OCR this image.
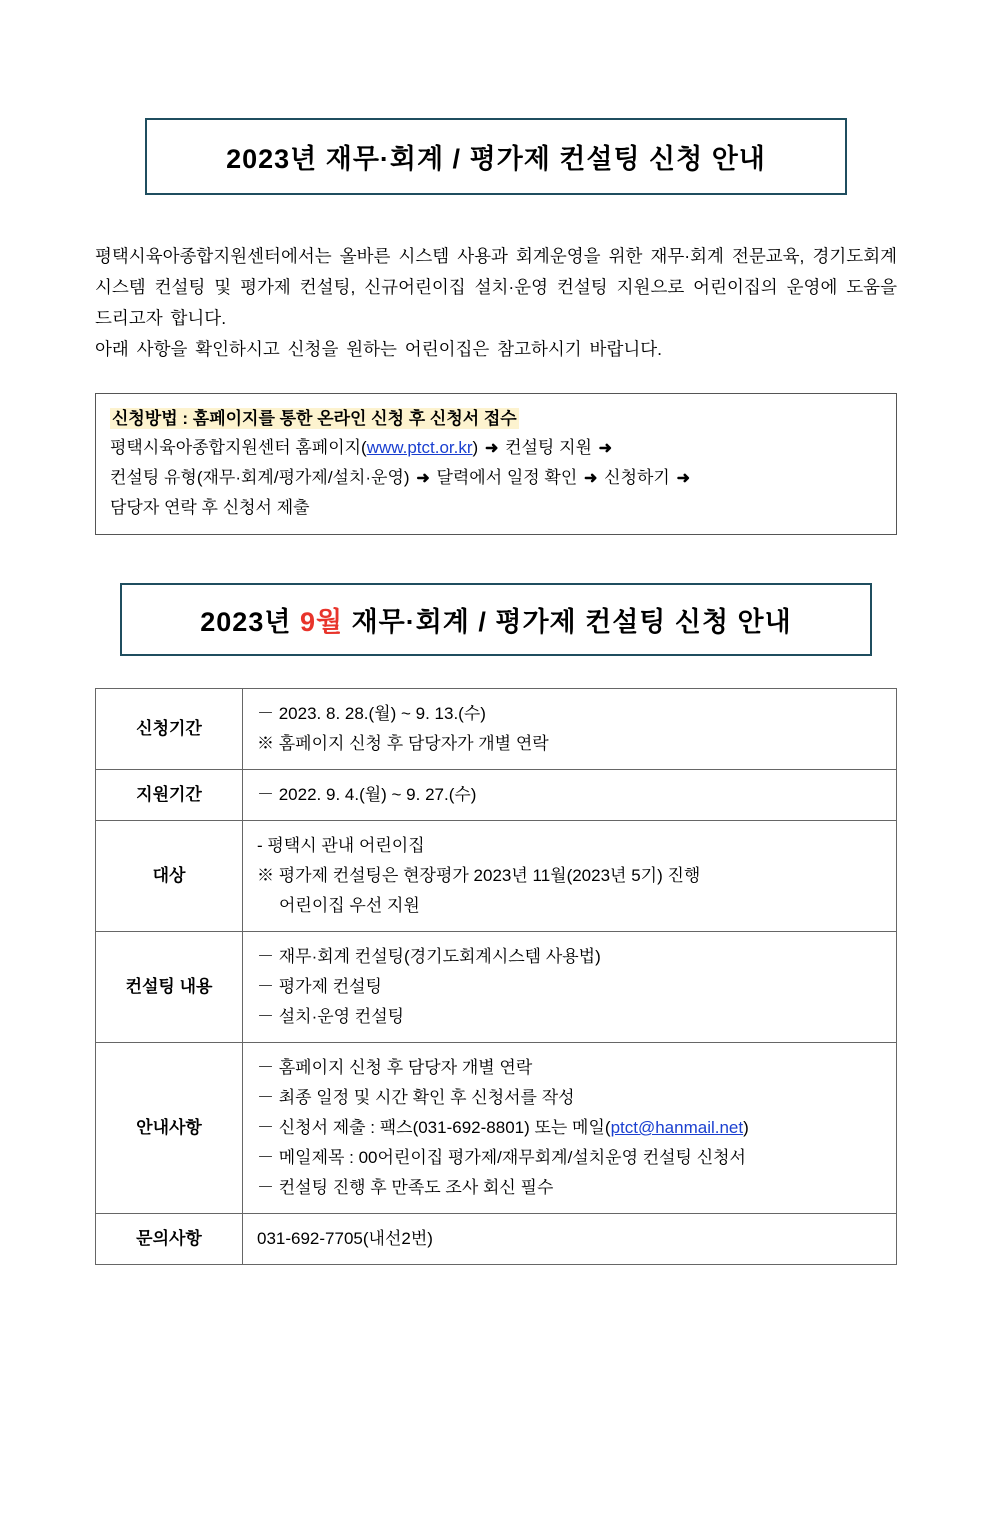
2023년 재무·회계 / 평가제 컨설팅 신청 안내

평택시육아종합지원센터에서는 올바른 시스템 사용과 회계운영을 위한 재무·회계 전문교육, 경기도회계시스템 컨설팅 및 평가제 컨설팅, 신규어린이집 설치·운영 컨설팅 지원으로 어린이집의 운영에 도움을 드리고자 합니다.

아래 사항을 확인하시고 신청을 원하는 어린이집은 참고하시기 바랍니다.

신청방법 : 홈페이지를 통한 온라인 신청 후 신청서 접수
평택시육아종합지원센터 홈페이지(www.ptct.or.kr) ➜ 컨설팅 지원 ➜
컨설팅 유형(재무·회계/평가제/설치·운영) ➜ 달력에서 일정 확인 ➜ 신청하기 ➜
담당자 연락 후 신청서 제출
2023년 9월 재무·회계 / 평가제 컨설팅 신청 안내
신청기간	－ 2023. 8. 28.(월) ~ 9. 13.(수)
※ 홈페이지 신청 후 담당자가 개별 연락

지원기간	－ 2022. 9. 4.(월) ~ 9. 27.(수)

대상	- 평택시 관내 어린이집
※ 평가제 컨설팅은 현장평가 2023년 11월(2023년 5기) 진행
어린이집 우선 지원

컨설팅 내용	－ 재무·회계 컨설팅(경기도회계시스템 사용법)
－ 평가제 컨설팅
－ 설치·운영 컨설팅

안내사항	－ 홈페이지 신청 후 담당자 개별 연락
－ 최종 일정 및 시간 확인 후 신청서를 작성
－ 신청서 제출 : 팩스(031-692-8801) 또는 메일(ptct@hanmail.net)
－ 메일제목 : 00어린이집 평가제/재무회계/설치운영 컨설팅 신청서
－ 컨설팅 진행 후 만족도 조사 회신 필수

문의사항	031-692-7705(내선2번)
